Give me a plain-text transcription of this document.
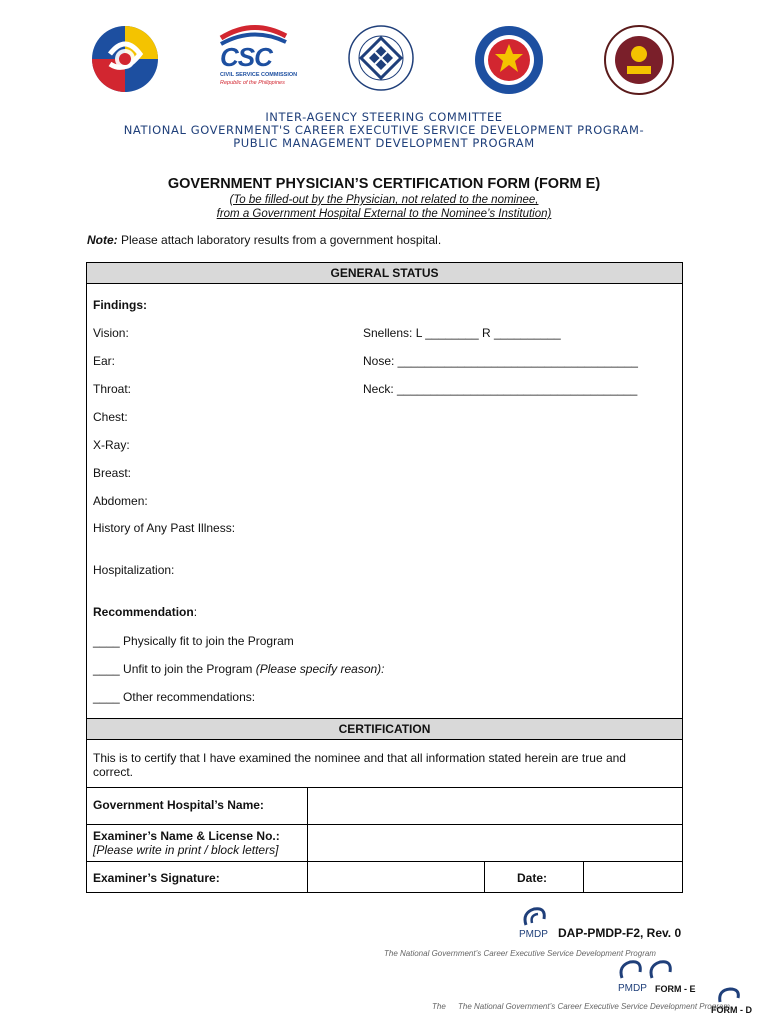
CSC
CIVIL SERVICE COMMISSION
Republic of the Philippines
INTER-AGENCY STEERING COMMITTEE
NATIONAL GOVERNMENT'S CAREER EXECUTIVE SERVICE DEVELOPMENT PROGRAM-
PUBLIC MANAGEMENT DEVELOPMENT PROGRAM
GOVERNMENT PHYSICIAN’S CERTIFICATION FORM (FORM E)
(To be filled-out by the Physician, not related to the nominee,
from a Government Hospital External to the Nominee’s Institution)
Note: Please attach laboratory results from a government hospital.
GENERAL STATUS
Findings:
Vision:	Snellens: L ________ R __________
Ear:	Nose: ____________________________________
Throat:	Neck: ____________________________________
Chest:
X-Ray:
Breast:
Abdomen:
History of Any Past Illness:
Hospitalization:
Recommendation:
____ Physically fit to join the Program
____ Unfit to join the Program (Please specify reason):
____ Other recommendations:
CERTIFICATION
This is to certify that I have examined the nominee and that all information stated herein are true and
correct.
Government Hospital’s Name:
Examiner’s Name & License No.:
[Please write in print / block letters]
Examiner’s Signature:	Date:
PMDP DAP-PMDP-F2, Rev. 0
The National Government’s Career Executive Service Development Program
PMDP FORM - E
The The National Government’s Career Executive Service Development Program
FORM - D
